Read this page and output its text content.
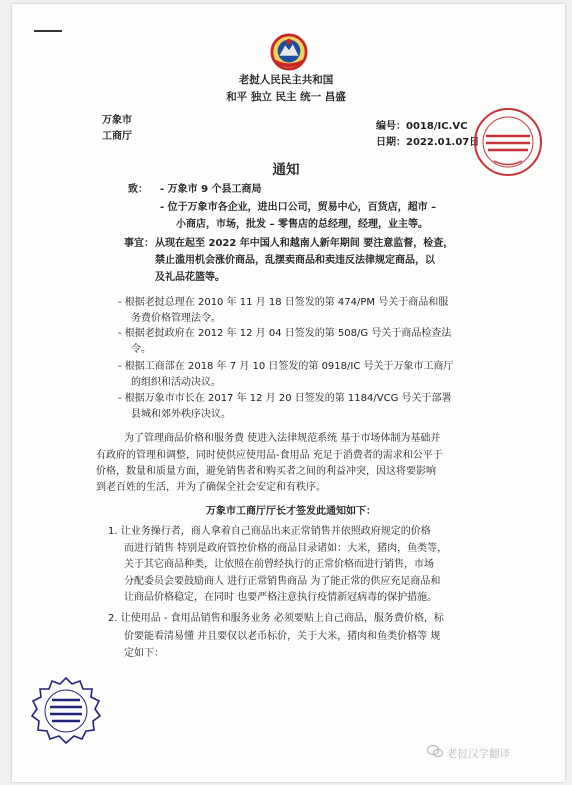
老挝人民民主共和国
和平 独立 民主 统一 昌盛
万象市
工商厅
编号：0018/IC.VC
日期：2022.01.07日
通知
致： - 万象市 9 个县工商局
- 位于万象市各企业，进出口公司，贸易中心，百货店，超市 –
小商店，市场，批发 – 零售店的总经理，经理，业主等。
事宜： 从现在起至 2022 年中国人和越南人新年期间 要注意监督，检查，
禁止滥用机会涨价商品，乱摆卖商品和卖违反法律规定商品，以
及礼品花篮等。
- 根据老挝总理在 2010 年 11 月 18 日签发的第 474/PM 号关于商品和服
务费价格管理法令。
- 根据老挝政府在 2012 年 12 月 04 日签发的第 508/G 号关于商品检查法
令。
- 根据工商部在 2018 年 7 月 10 日签发的第 0918/IC 号关于万象市工商厅
的组织和活动决议。
- 根据万象市市长在 2017 年 12 月 20 日签发的第 1184/VCG 号关于部署
县城和郊外秩序决议。
为了管理商品价格和服务费 使进入法律规范系统 基于市场体制为基础并
有政府的管理和调整，同时使供应使用品-食用品 充足于消费者的需求和公平于
价格，数量和质量方面，避免销售者和购买者之间的利益冲突，因这将要影响
到老百姓的生活，并为了确保全社会安定和有秩序。
万象市工商厅厅长才签发此通知如下：
1. 让业务操行者，商人拿着自己商品出来正常销售并依照政府规定的价格
而进行销售 特别是政府管控价格的商品目录诸如：大米，猪肉，鱼类等，
关于其它商品种类，让依照在前曾经执行的正常价格而进行销售，市场
分配委员会要鼓励商人 进行正常销售商品 为了能正常的供应充足商品和
让商品价格稳定，在同时 也要严格注意执行疫情新冠病毒的保护措施。
2. 让使用品 - 食用品销售和服务业务 必须要贴上自己商品，服务费价格，标
价要能看清易懂 并且要仅以老币标价，关于大米，猪肉和鱼类价格等 规
定如下：
老挝汉学翻译
